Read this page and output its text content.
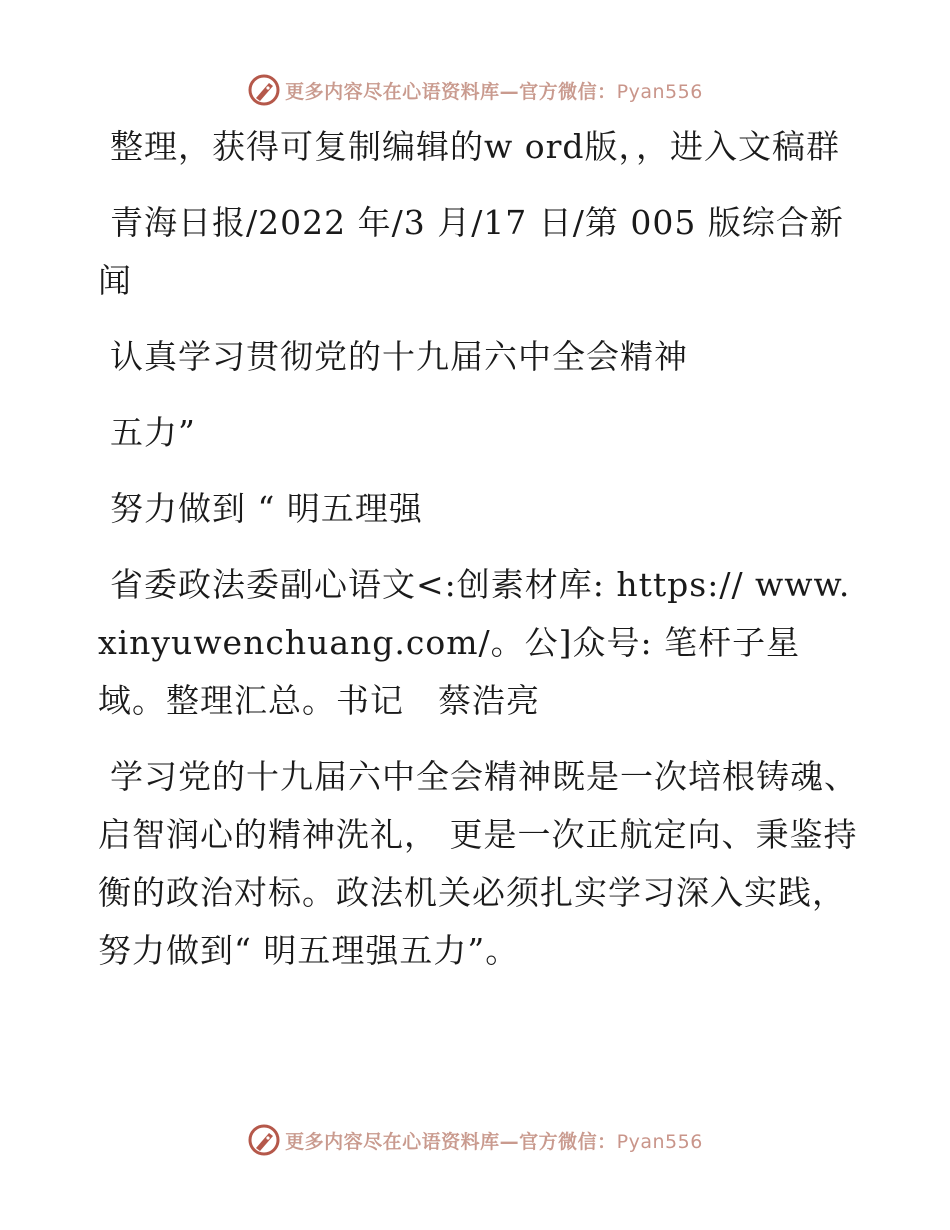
更多内容尽在心语资料库—官方微信：Pyan556

整理，获得可复制编辑的w ord版，，进入文稿群

青海日报/2022 年/3 月/17 日/第 005 版综合新闻

认真学习贯彻党的十九届六中全会精神

五力”

努力做到 “ 明五理强

省委政法委副心语文<:创素材库: https:// www.xinyuwenchuang.com/。公]众号: 笔杆子星域。整理汇总。书记　蔡浩亮

学习党的十九届六中全会精神既是一次培根铸魂、 启智润心的精神洗礼， 更是一次正航定向、秉鉴持衡的政治对标。政法机关必须扎实学习深入实践，努力做到“ 明五理强五力”。

更多内容尽在心语资料库—官方微信：Pyan556
